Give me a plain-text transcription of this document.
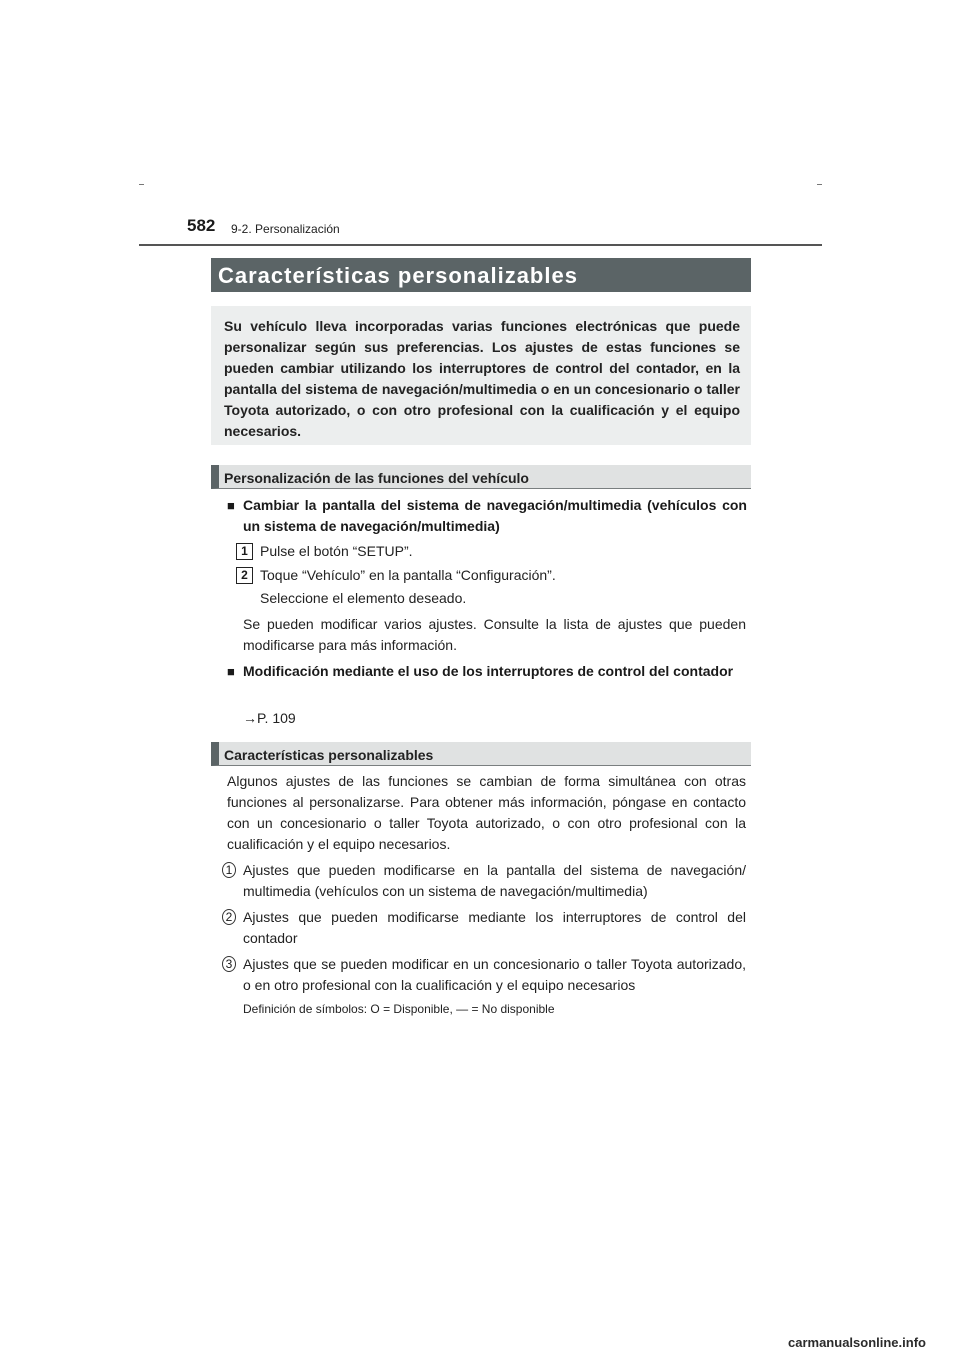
582 9-2. Personalización
Características personalizables

Su vehículo lleva incorporadas varias funciones electrónicas que puede personalizar según sus preferencias. Los ajustes de estas funciones se pueden cambiar utilizando los interruptores de control del contador, en la pantalla del sistema de navegación/multimedia o en un concesionario o taller Toyota autorizado, o con otro profesional con la cualificación y el equipo necesarios.

Personalización de las funciones del vehículo
■ Cambiar la pantalla del sistema de navegación/multimedia (vehículos con un sistema de navegación/multimedia)
1 Pulse el botón “SETUP”.
2 Toque “Vehículo” en la pantalla “Configuración”.
Seleccione el elemento deseado.
Se pueden modificar varios ajustes. Consulte la lista de ajustes que pueden modificarse para más información.
■ Modificación mediante el uso de los interruptores de control del contador
→P. 109
Características personalizables
Algunos ajustes de las funciones se cambian de forma simultánea con otras funciones al personalizarse. Para obtener más información, póngase en contacto con un concesionario o taller Toyota autorizado, o con otro profesional con la cualificación y el equipo necesarios.
1 Ajustes que pueden modificarse en la pantalla del sistema de navegación/ multimedia (vehículos con un sistema de navegación/multimedia)
2 Ajustes que pueden modificarse mediante los interruptores de control del contador
3 Ajustes que se pueden modificar en un concesionario o taller Toyota autorizado, o en otro profesional con la cualificación y el equipo necesarios
Definición de símbolos: O = Disponible, — = No disponible
carmanualsonline.info
